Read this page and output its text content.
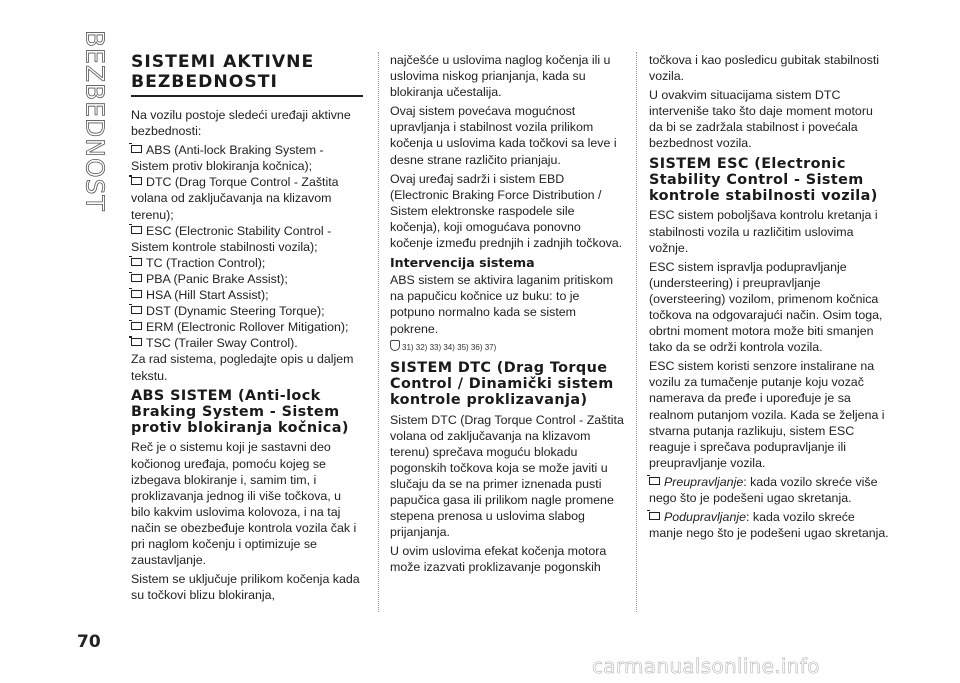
BEZBEDNOST SISTEMI AKTIVNE BEZBEDNOSTI

Na vozilu postoje sledeći uređaji aktivne bezbednosti:

ABS (Anti-lock Braking System - Sistem protiv blokiranja kočnica);
DTC (Drag Torque Control - Zaštita volana od zaključavanja na klizavom terenu);
ESC (Electronic Stability Control - Sistem kontrole stabilnosti vozila);
TC (Traction Control);
PBA (Panic Brake Assist);
HSA (Hill Start Assist);
DST (Dynamic Steering Torque);
ERM (Electronic Rollover Mitigation);
TSC (Trailer Sway Control).

Za rad sistema, pogledajte opis u daljem tekstu.

ABS SISTEM (Anti-lock Braking System - Sistem protiv blokiranja kočnica)

Reč je o sistemu koji je sastavni deo kočionog uređaja, pomoću kojeg se izbegava blokiranje i, samim tim, i proklizavanja jednog ili više točkova, u bilo kakvim uslovima kolovoza, i na taj način se obezbeđuje kontrola vozila čak i pri naglom kočenju i optimizuje se zaustavljanje.

Sistem se uključuje prilikom kočenja kada su točkovi blizu blokiranja,

najčešće u uslovima naglog kočenja ili u uslovima niskog prianjanja, kada su blokiranja učestalija.

Ovaj sistem povećava mogućnost upravljanja i stabilnost vozila prilikom kočenja u uslovima kada točkovi sa leve i desne strane različito prianjaju.

Ovaj uređaj sadrži i sistem EBD (Electronic Braking Force Distribution / Sistem elektronske raspodele sile kočenja), koji omogućava ponovno kočenje između prednjih i zadnjih točkova.

Intervencija sistema

ABS sistem se aktivira laganim pritiskom na papučicu kočnice uz buku: to je potpuno normalno kada se sistem pokrene.

31) 32) 33) 34) 35) 36) 37)
SISTEM DTC (Drag Torque Control / Dinamički sistem kontrole proklizavanja)

Sistem DTC (Drag Torque Control - Zaštita volana od zaključavanja na klizavom terenu) sprečava moguću blokadu pogonskih točkova koja se može javiti u slučaju da se na primer iznenada pusti papučica gasa ili prilikom nagle promene stepena prenosa u uslovima slabog prijanjanja.

U ovim uslovima efekat kočenja motora može izazvati proklizavanje pogonskih

točkova i kao posledicu gubitak stabilnosti vozila.

U ovakvim situacijama sistem DTC interveniše tako što daje moment motoru da bi se zadržala stabilnost i povećala bezbednost vozila.

SISTEM ESC (Electronic Stability Control - Sistem kontrole stabilnosti vozila)

ESC sistem poboljšava kontrolu kretanja i stabilnosti vozila u različitim uslovima vožnje.

ESC sistem ispravlja podupravljanje (understeering) i preupravljanje (oversteering) vozilom, primenom kočnica točkova na odgovarajući način. Osim toga, obrtni moment motora može biti smanjen tako da se održi kontrola vozila.

ESC sistem koristi senzore instalirane na vozilu za tumačenje putanje koju vozač namerava da pređe i upoređuje je sa realnom putanjom vozila. Kada se željena i stvarna putanja razlikuju, sistem ESC reaguje i sprečava podupravljanje ili preupravljanje vozila.

Preupravljanje: kada vozilo skreće više nego što je podešeni ugao skretanja.

Podupravljanje: kada vozilo skreće manje nego što je podešeni ugao skretanja.

70
carmanualsonline.info
